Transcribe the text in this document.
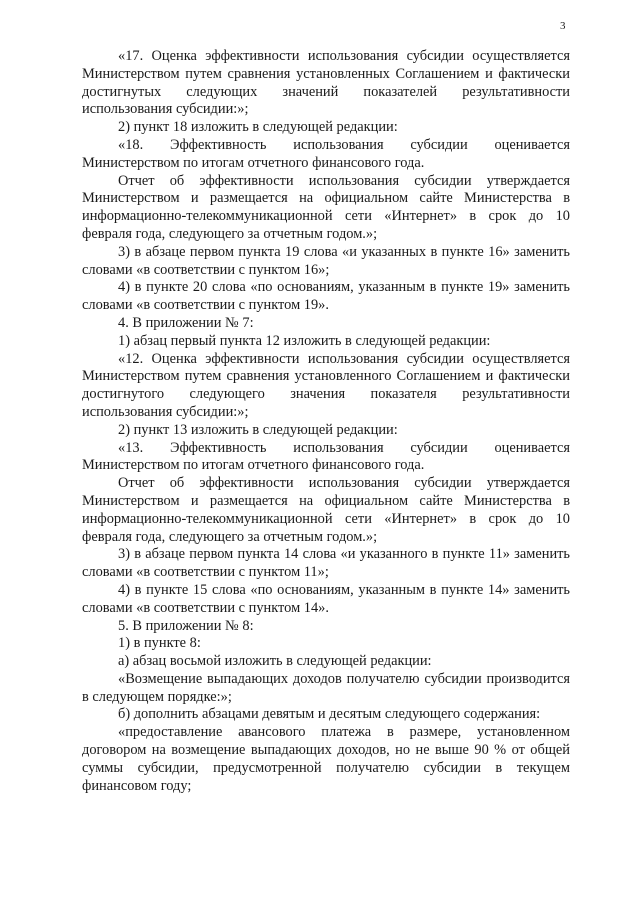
3

«17. Оценка эффективности использования субсидии осуществляется Министерством путем сравнения установленных Соглашением и фактически достигнутых следующих значений показателей результативности использования субсидии:»;

2) пункт 18 изложить в следующей редакции:

«18. Эффективность использования субсидии оценивается Министерством по итогам отчетного финансового года.

Отчет об эффективности использования субсидии утверждается Министерством и размещается на официальном сайте Министерства в информационно-телекоммуникационной сети «Интернет» в срок до 10 февраля года, следующего за отчетным годом.»;

3) в абзаце первом пункта 19 слова «и указанных в пункте 16» заменить словами «в соответствии с пунктом 16»;

4) в пункте 20 слова «по основаниям, указанным в пункте 19» заменить словами «в соответствии с пунктом 19».

4. В приложении № 7:

1) абзац первый пункта 12 изложить в следующей редакции:

«12. Оценка эффективности использования субсидии осуществляется Министерством путем сравнения установленного Соглашением и фактически достигнутого следующего значения показателя результативности использования субсидии:»;

2) пункт 13 изложить в следующей редакции:

«13. Эффективность использования субсидии оценивается Министерством по итогам отчетного финансового года.

Отчет об эффективности использования субсидии утверждается Министерством и размещается на официальном сайте Министерства в информационно-телекоммуникационной сети «Интернет» в срок до 10 февраля года, следующего за отчетным годом.»;

3) в абзаце первом пункта 14 слова «и указанного в пункте 11» заменить словами «в соответствии с пунктом 11»;

4) в пункте 15 слова «по основаниям, указанным в пункте 14» заменить словами «в соответствии с пунктом 14».

5. В приложении № 8:

1) в пункте 8:

а) абзац восьмой изложить в следующей редакции:

«Возмещение выпадающих доходов получателю субсидии производится в следующем порядке:»;

б) дополнить абзацами девятым и десятым следующего содержания:

«предоставление авансового платежа в размере, установленном договором на возмещение выпадающих доходов, но не выше 90 % от общей суммы субсидии, предусмотренной получателю субсидии в текущем финансовом году;
